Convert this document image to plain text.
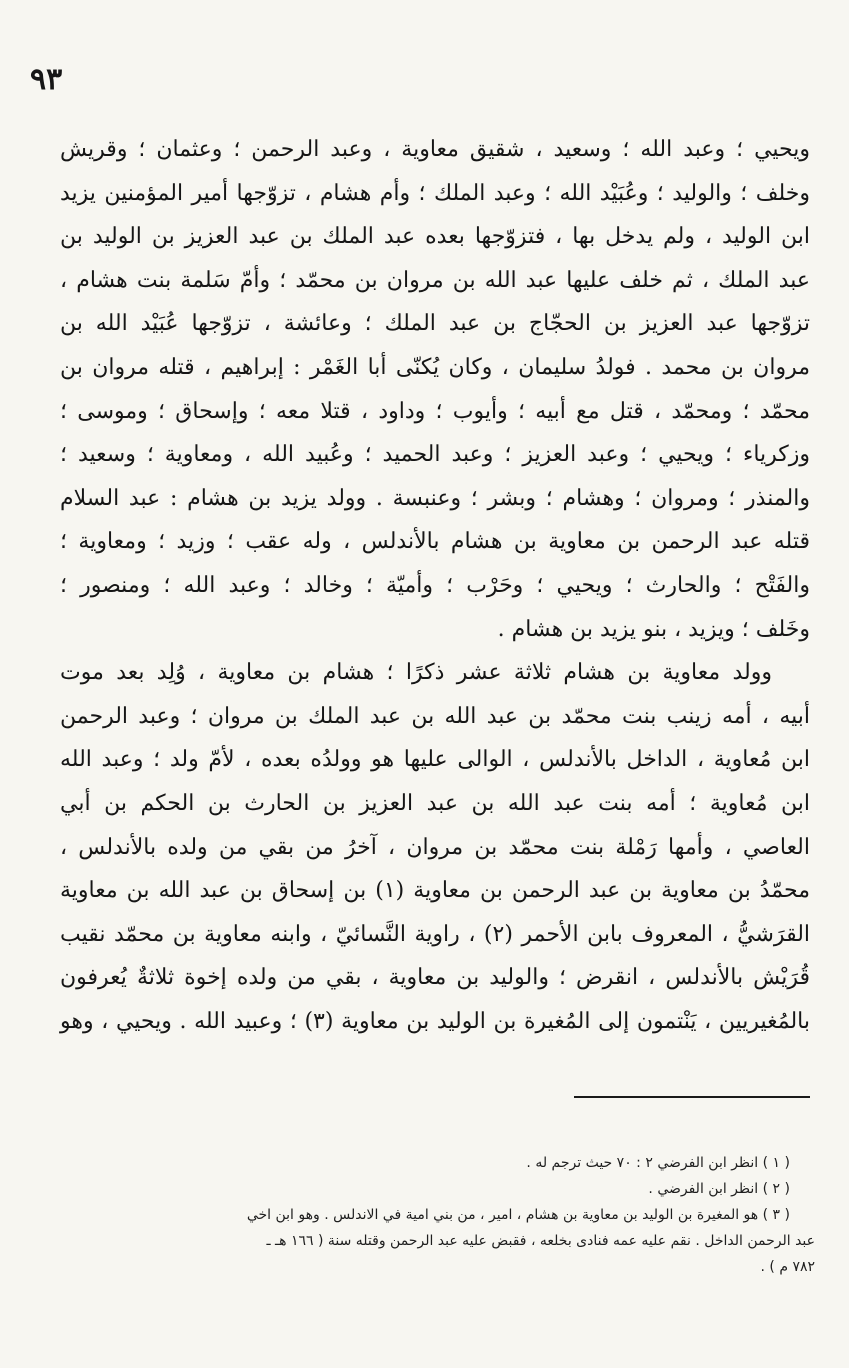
٩٣

ويحيي ؛ وعبد الله ؛ وسعيد ، شقيق معاوية ، وعبد الرحمن ؛ وعثمان ؛ وقريش

وخلف ؛ والوليد ؛ وعُبَيْد الله ؛ وعبد الملك ؛ وأم هشام ، تزوّجها أمير المؤمنين يزيد

ابن الوليد ، ولم يدخل بها ، فتزوّجها بعده عبد الملك بن عبد العزيز بن الوليد بن

عبد الملك ، ثم خلف عليها عبد الله بن مروان بن محمّد ؛ وأمّ سَلمة بنت هشام ،

تزوّجها عبد العزيز بن الحجّاج بن عبد الملك ؛ وعائشة ، تزوّجها عُبَيْد الله بن

مروان بن محمد . فولدُ سليمان ، وكان يُكنّى أبا الغَمْر : إبراهيم ، قتله مروان بن

محمّد ؛ ومحمّد ، قتل مع أبيه ؛ وأيوب ؛ وداود ، قتلا معه ؛ وإسحاق ؛ وموسى ؛

وزكرياء ؛ ويحيي ؛ وعبد العزيز ؛ وعبد الحميد ؛ وعُبيد الله ، ومعاوية ؛ وسعيد ؛

والمنذر ؛ ومروان ؛ وهشام ؛ وبشر ؛ وعنبسة . وولد يزيد بن هشام : عبد السلام

قتله عبد الرحمن بن معاوية بن هشام بالأندلس ، وله عقب ؛ وزيد ؛ ومعاوية ؛

والفَتْح ؛ والحارث ؛ ويحيي ؛ وحَرْب ؛ وأميّة ؛ وخالد ؛ وعبد الله ؛ ومنصور ؛

وخَلف ؛ ويزيد ، بنو يزيد بن هشام .

وولد معاوية بن هشام ثلاثة عشر ذكرًا ؛ هشام بن معاوية ، وُلِد بعد موت

أبيه ، أمه زينب بنت محمّد بن عبد الله بن عبد الملك بن مروان ؛ وعبد الرحمن

ابن مُعاوية ، الداخل بالأندلس ، الوالى عليها هو وولدُه بعده ، لأمّ ولد ؛ وعبد الله

ابن مُعاوية ؛ أمه بنت عبد الله بن عبد العزيز بن الحارث بن الحكم بن أبي

العاصي ، وأمها رَمْلة بنت محمّد بن مروان ، آخرُ من بقي من ولده بالأندلس ،

محمّدُ بن معاوية بن عبد الرحمن بن معاوية (١) بن إسحاق بن عبد الله بن معاوية

القرَشيُّ ، المعروف بابن الأحمر (٢) ، راوية النَّسائيّ ، وابنه معاوية بن محمّد نقيب

قُرَيْش بالأندلس ، انقرض ؛ والوليد بن معاوية ، بقي من ولده إخوة ثلاثةٌ يُعرفون

بالمُغيريين ، يَنْتمون إلى المُغيرة بن الوليد بن معاوية (٣) ؛ وعبيد الله . ويحيي ، وهو

( ١ ) انظر ابن الفرضي ٢ : ٧٠ حيث ترجم له .

( ٢ ) انظر ابن الفرضي .

( ٣ ) هو المغيرة بن الوليد بن معاوية بن هشام ، امير ، من بني امية في الاندلس . وهو ابن اخي

عبد الرحمن الداخل . نقم عليه عمه فنادى بخلعه ، فقبض عليه عبد الرحمن وقتله سنة ( ١٦٦ هـ ـ

٧٨٢ م ) .
